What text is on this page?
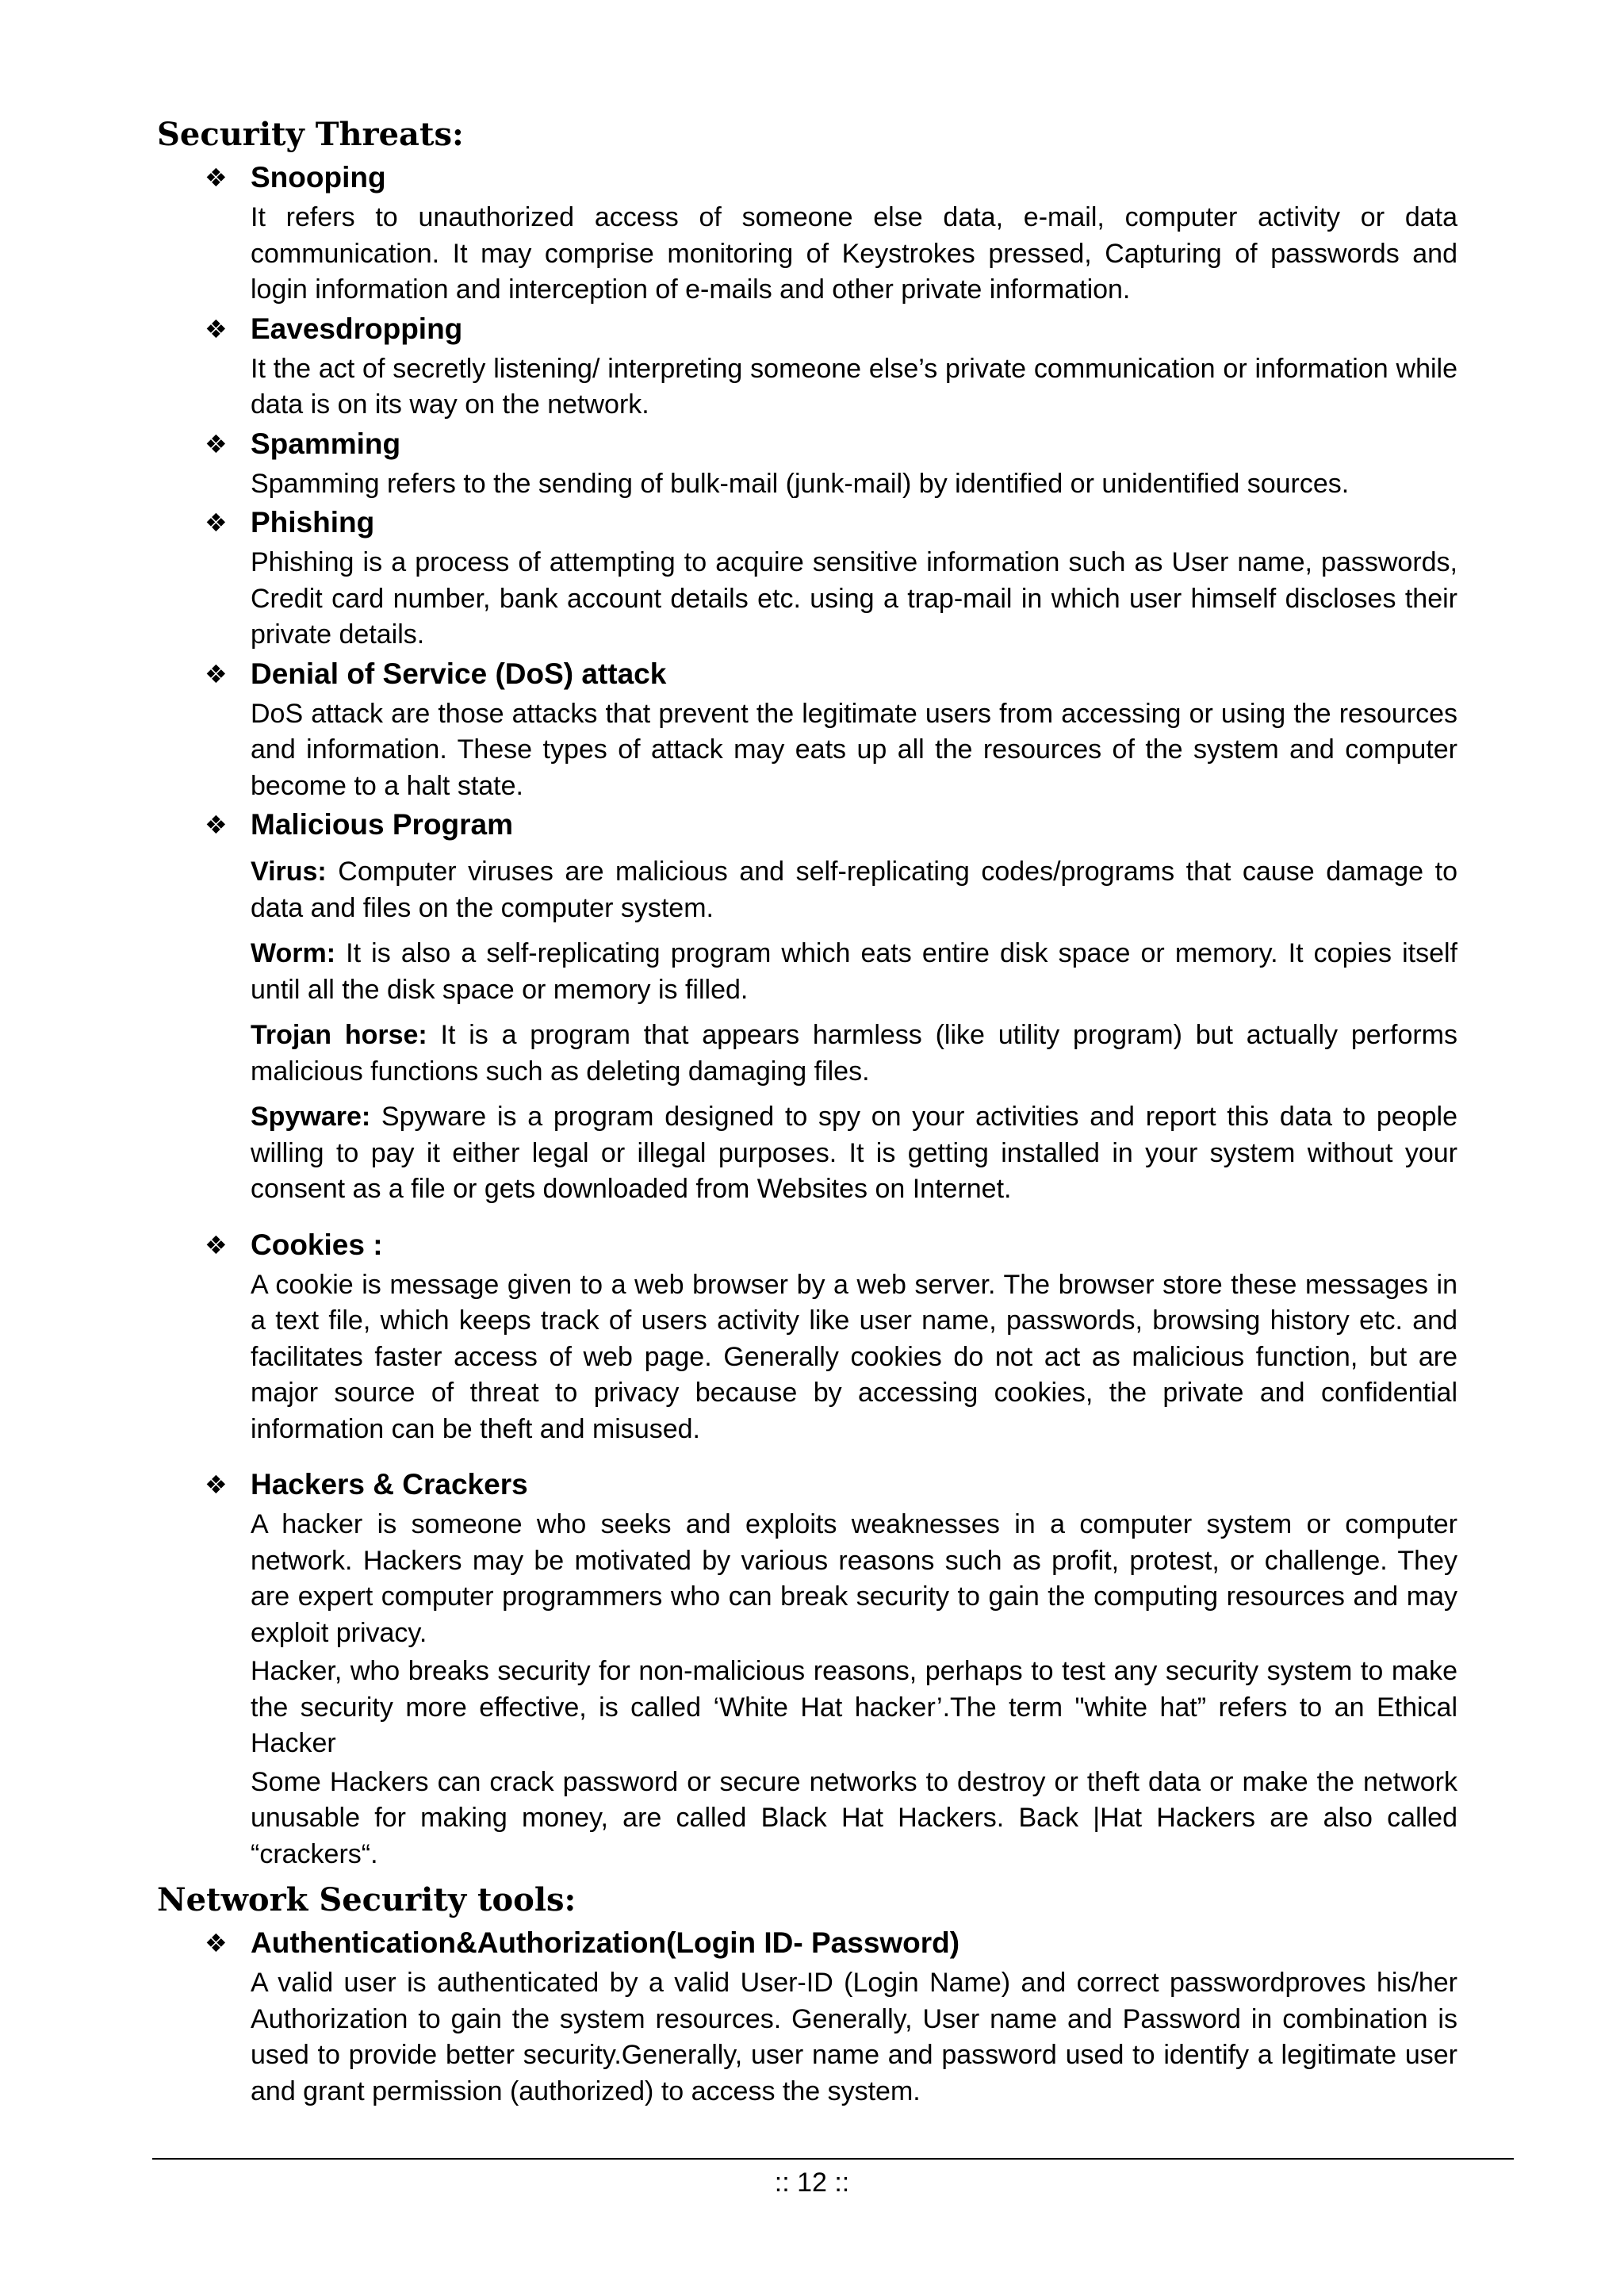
Security Threats:
❖ Snooping
It refers to unauthorized access of someone else data, e-mail, computer activity or data communication. It may comprise monitoring of Keystrokes pressed, Capturing of passwords and login information and interception of e-mails and other private information.
❖ Eavesdropping
It the act of secretly listening/ interpreting someone else’s private communication or information while data is on its way on the network.
❖ Spamming
Spamming refers to the sending of bulk-mail (junk-mail) by identified or unidentified sources.
❖ Phishing
Phishing is a process of attempting to acquire sensitive information such as User name, passwords, Credit card number, bank account details etc. using a trap-mail in which user himself discloses their private details.
❖ Denial of Service (DoS) attack
DoS attack are those attacks that prevent the legitimate users from accessing or using the resources and information. These types of attack may eats up all the resources of the system and computer become to a halt state.
❖ Malicious Program
Virus: Computer viruses are malicious and self-replicating codes/programs that cause damage to data and files on the computer system.
Worm: It is also a self-replicating program which eats entire disk space or memory. It copies itself until all the disk space or memory is filled.
Trojan horse: It is a program that appears harmless (like utility program) but actually performs malicious functions such as deleting damaging files.
Spyware: Spyware is a program designed to spy on your activities and report this data to people willing to pay it either legal or illegal purposes. It is getting installed in your system without your consent as a file or gets downloaded from Websites on Internet.
❖ Cookies :
A cookie is message given to a web browser by a web server. The browser store these messages in a text file, which keeps track of users activity like user name, passwords, browsing history etc. and facilitates faster access of web page. Generally cookies do not act as malicious function, but are major source of threat to privacy because by accessing cookies, the private and confidential information can be theft and misused.
❖ Hackers & Crackers
A hacker is someone who seeks and exploits weaknesses in a computer system or computer network. Hackers may be motivated by various reasons such as profit, protest, or challenge. They are expert computer programmers who can break security to gain the computing resources and may exploit privacy.
Hacker, who breaks security for non-malicious reasons, perhaps to test any security system to make the security more effective, is called ‘White Hat hacker’.The term "white hat” refers to an Ethical Hacker
Some Hackers can crack password or secure networks to destroy or theft data or make the network unusable for making money, are called Black Hat Hackers. Back |Hat Hackers are also called “crackers“.
Network Security tools:
❖ Authentication&Authorization(Login ID- Password)
A valid user is authenticated by a valid User-ID (Login Name) and correct passwordproves his/her Authorization to gain the system resources. Generally, User name and Password in combination is used to provide better security.Generally, user name and password used to identify a legitimate user and grant permission (authorized) to access the system.
:: 12 ::
